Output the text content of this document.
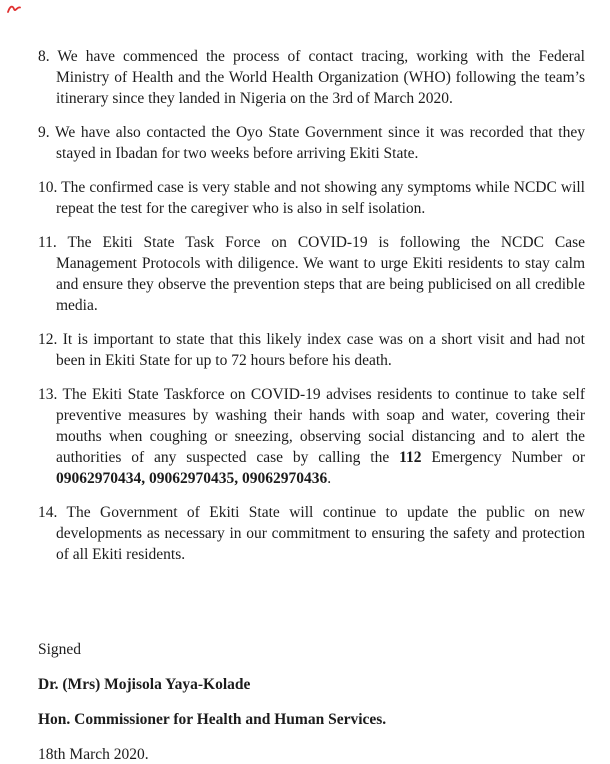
8. We have commenced the process of contact tracing, working with the Federal Ministry of Health and the World Health Organization (WHO) following the team’s itinerary since they landed in Nigeria on the 3rd of March 2020.

9. We have also contacted the Oyo State Government since it was recorded that they stayed in Ibadan for two weeks before arriving Ekiti State.

10. The confirmed case is very stable and not showing any symptoms while NCDC will repeat the test for the caregiver who is also in self isolation.

11. The Ekiti State Task Force on COVID-19 is following the NCDC Case Management Protocols with diligence. We want to urge Ekiti residents to stay calm and ensure they observe the prevention steps that are being publicised on all credible media.

12. It is important to state that this likely index case was on a short visit and had not been in Ekiti State for up to 72 hours before his death.

13. The Ekiti State Taskforce on COVID-19 advises residents to continue to take self preventive measures by washing their hands with soap and water, covering their mouths when coughing or sneezing, observing social distancing and to alert the authorities of any suspected case by calling the 112 Emergency Number or 09062970434, 09062970435, 09062970436.

14. The Government of Ekiti State will continue to update the public on new developments as necessary in our commitment to ensuring the safety and protection of all Ekiti residents.

Signed

Dr. (Mrs) Mojisola Yaya-Kolade

Hon. Commissioner for Health and Human Services.

18th March 2020.
